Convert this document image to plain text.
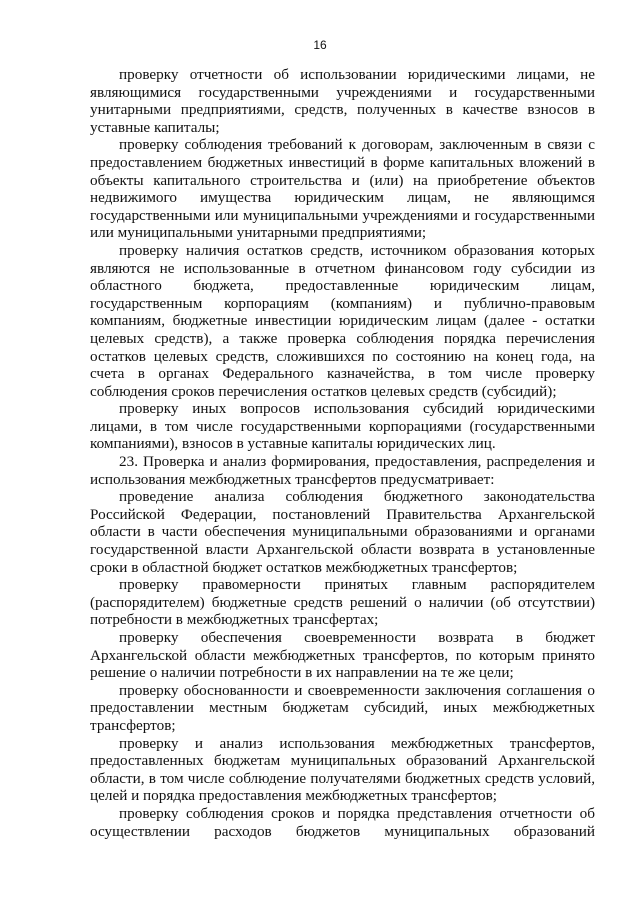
16

проверку отчетности об использовании юридическими лицами, не являющимися государственными учреждениями и государственными унитарными предприятиями, средств, полученных в качестве взносов в уставные капиталы;

проверку соблюдения требований к договорам, заключенным в связи с предоставлением бюджетных инвестиций в форме капитальных вложений в объекты капитального строительства и (или) на приобретение объектов недвижимого имущества юридическим лицам, не являющимся государственными или муниципальными учреждениями и государственными или муниципальными унитарными предприятиями;

проверку наличия остатков средств, источником образования которых являются не использованные в отчетном финансовом году субсидии из областного бюджета, предоставленные юридическим лицам, государственным корпорациям (компаниям) и публично-правовым компаниям, бюджетные инвестиции юридическим лицам (далее - остатки целевых средств), а также проверка соблюдения порядка перечисления остатков целевых средств, сложившихся по состоянию на конец года, на счета в органах Федерального казначейства, в том числе проверку соблюдения сроков перечисления остатков целевых средств (субсидий);

проверку иных вопросов использования субсидий юридическими лицами, в том числе государственными корпорациями (государственными компаниями), взносов в уставные капиталы юридических лиц.

23. Проверка и анализ формирования, предоставления, распределения и использования межбюджетных трансфертов предусматривает:

проведение анализа соблюдения бюджетного законодательства Российской Федерации, постановлений Правительства Архангельской области в части обеспечения муниципальными образованиями и органами государственной власти Архангельской области возврата в установленные сроки в областной бюджет остатков межбюджетных трансфертов;

проверку правомерности принятых главным распорядителем (распорядителем) бюджетные средств решений о наличии (об отсутствии) потребности в межбюджетных трансфертах;

проверку обеспечения своевременности возврата в бюджет Архангельской области межбюджетных трансфертов, по которым принято решение о наличии потребности в их направлении на те же цели;

проверку обоснованности и своевременности заключения соглашения о предоставлении местным бюджетам субсидий, иных межбюджетных трансфертов;

проверку и анализ использования межбюджетных трансфертов, предоставленных бюджетам муниципальных образований Архангельской области, в том числе соблюдение получателями бюджетных средств условий, целей и порядка предоставления межбюджетных трансфертов;

проверку соблюдения сроков и порядка представления отчетности об осуществлении расходов бюджетов муниципальных образований
